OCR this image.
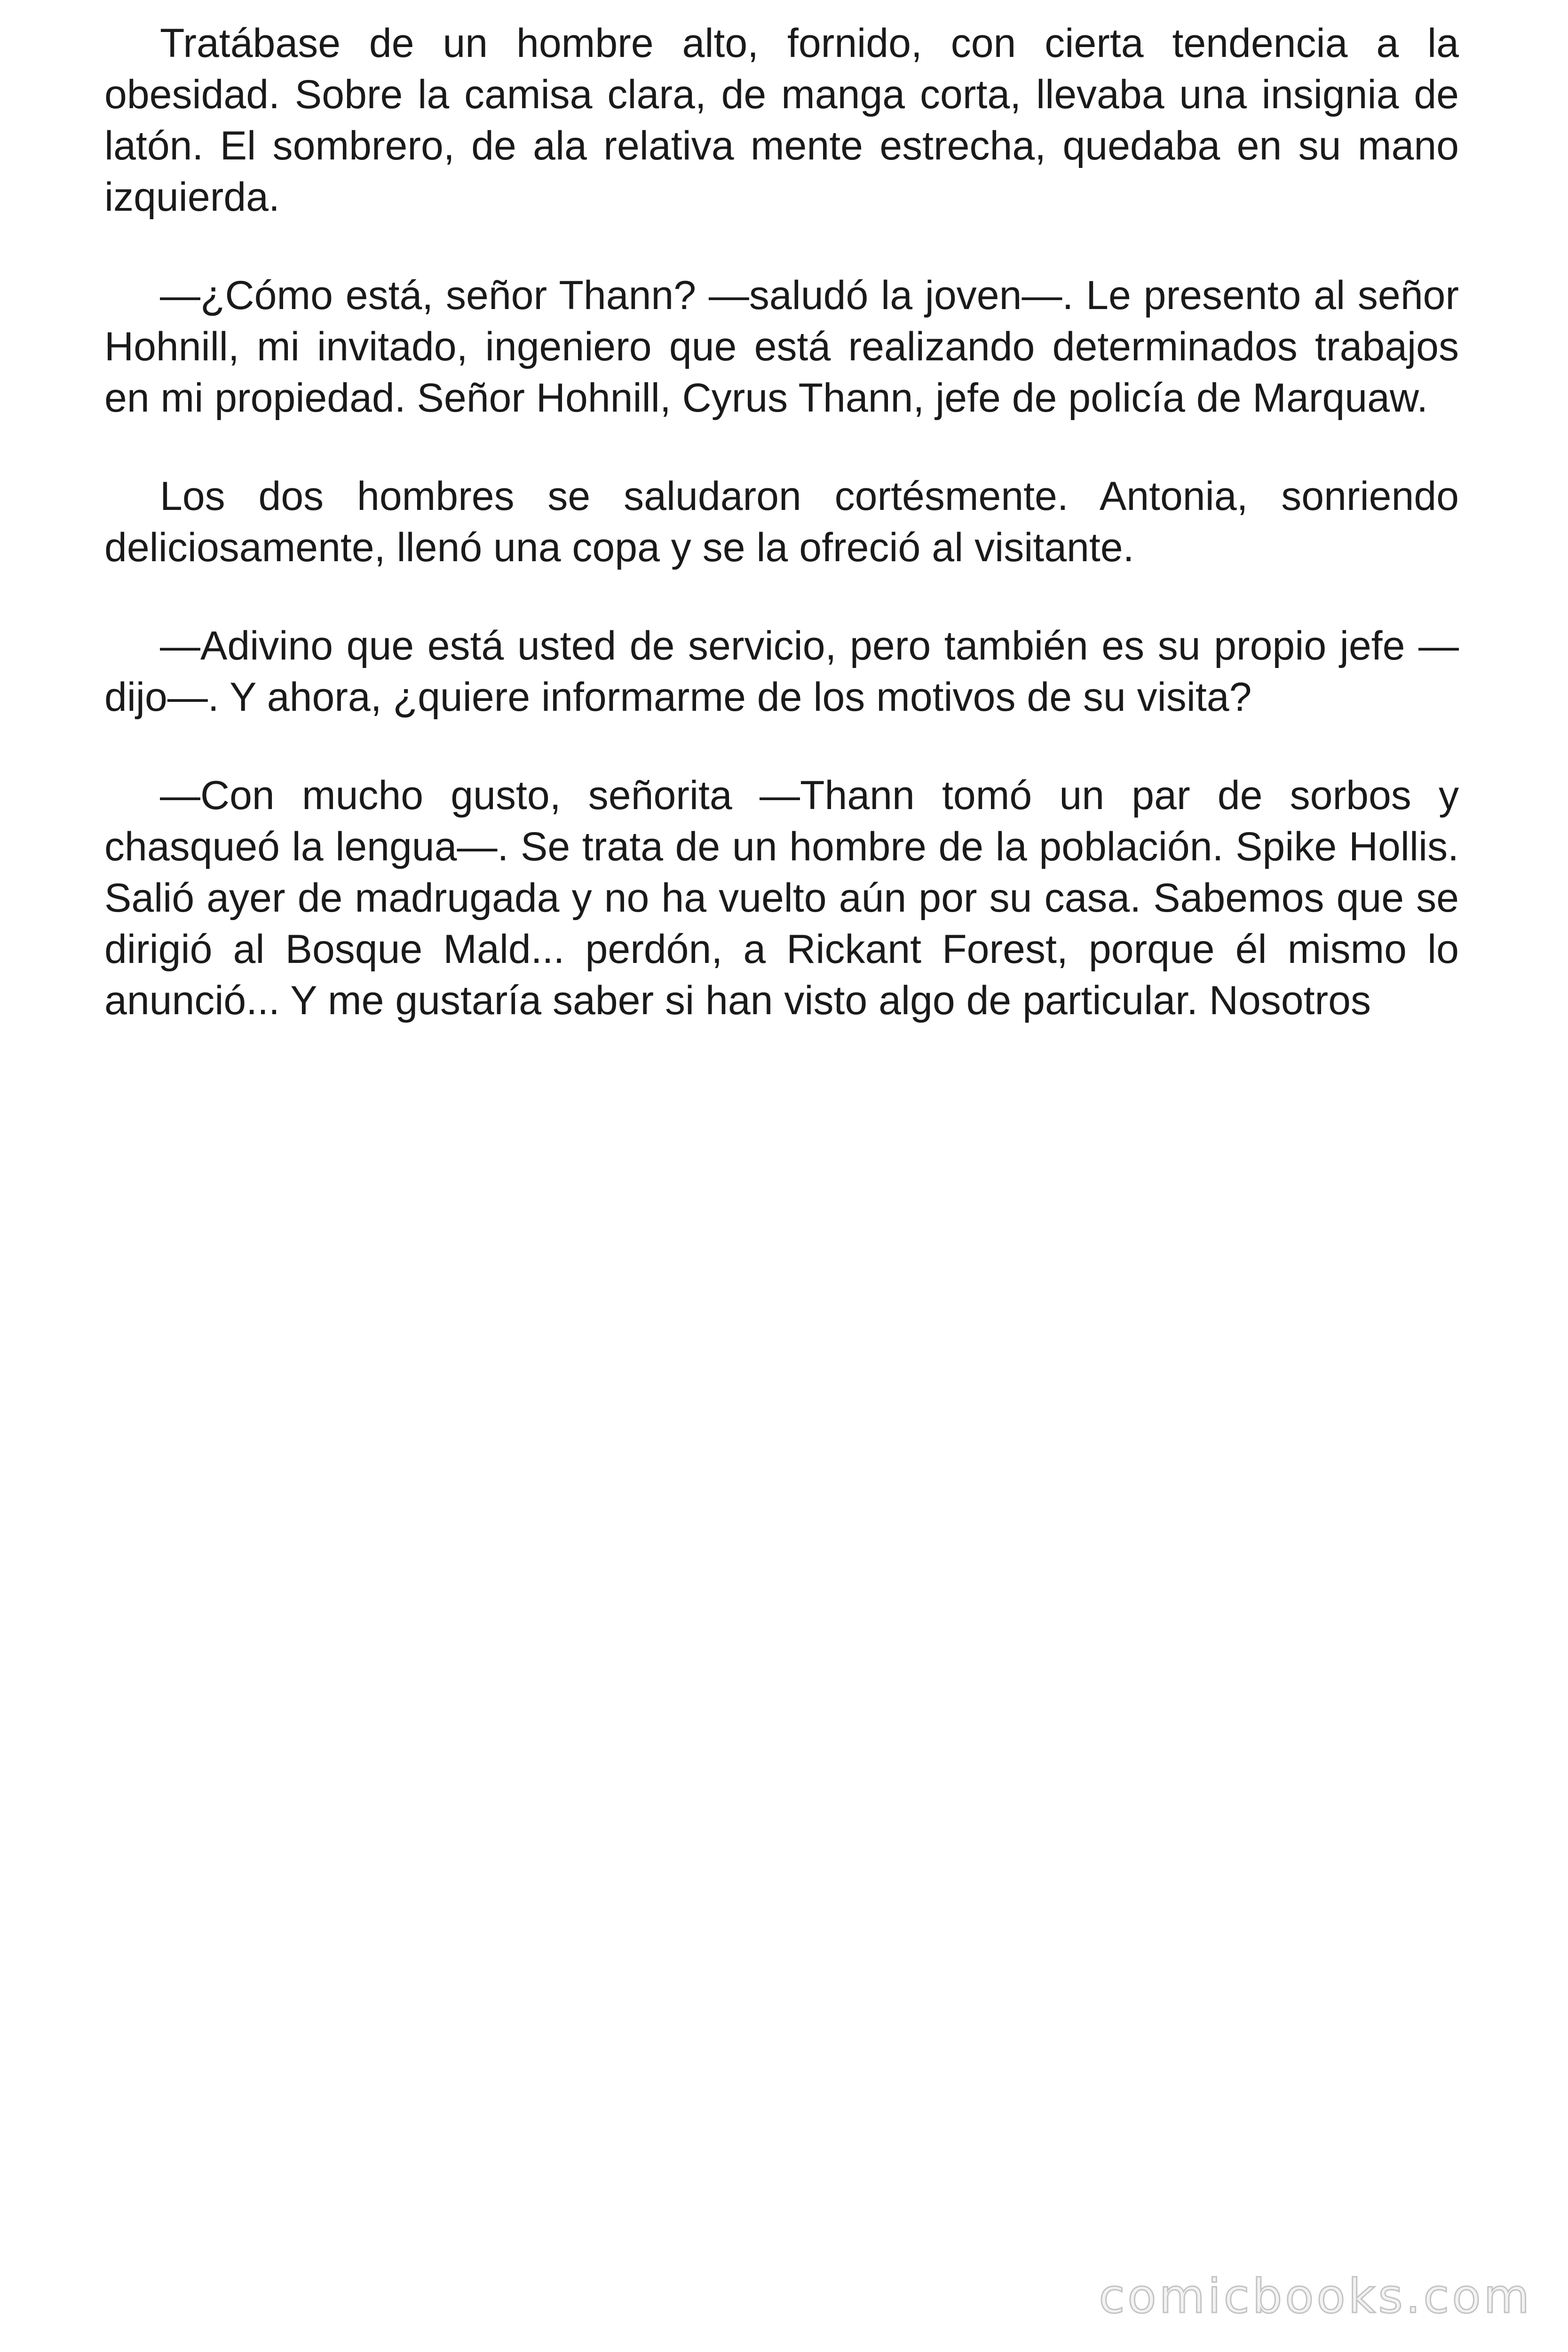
Tratábase de un hombre alto, fornido, con cierta tendencia a la obesidad. Sobre la camisa clara, de manga corta, llevaba una insignia de latón. El sombrero, de ala relativa mente estrecha, quedaba en su mano izquierda.

—¿Cómo está, señor Thann? —saludó la joven—. Le presento al señor Hohnill, mi invitado, ingeniero que está realizando determinados trabajos en mi propiedad. Señor Hohnill, Cyrus Thann, jefe de policía de Marquaw.

Los dos hombres se saludaron cortésmente. Antonia, sonriendo deliciosamente, llenó una copa y se la ofreció al visitante.

—Adivino que está usted de servicio, pero también es su propio jefe —dijo—. Y ahora, ¿quiere informarme de los motivos de su visita?

—Con mucho gusto, señorita —Thann tomó un par de sorbos y chasqueó la lengua—. Se trata de un hombre de la población. Spike Hollis. Salió ayer de madrugada y no ha vuelto aún por su casa. Sabemos que se dirigió al Bosque Mald... perdón, a Rickant Forest, porque él mismo lo anunció... Y me gustaría saber si han visto algo de particular. Nosotros

comicbooks.com
